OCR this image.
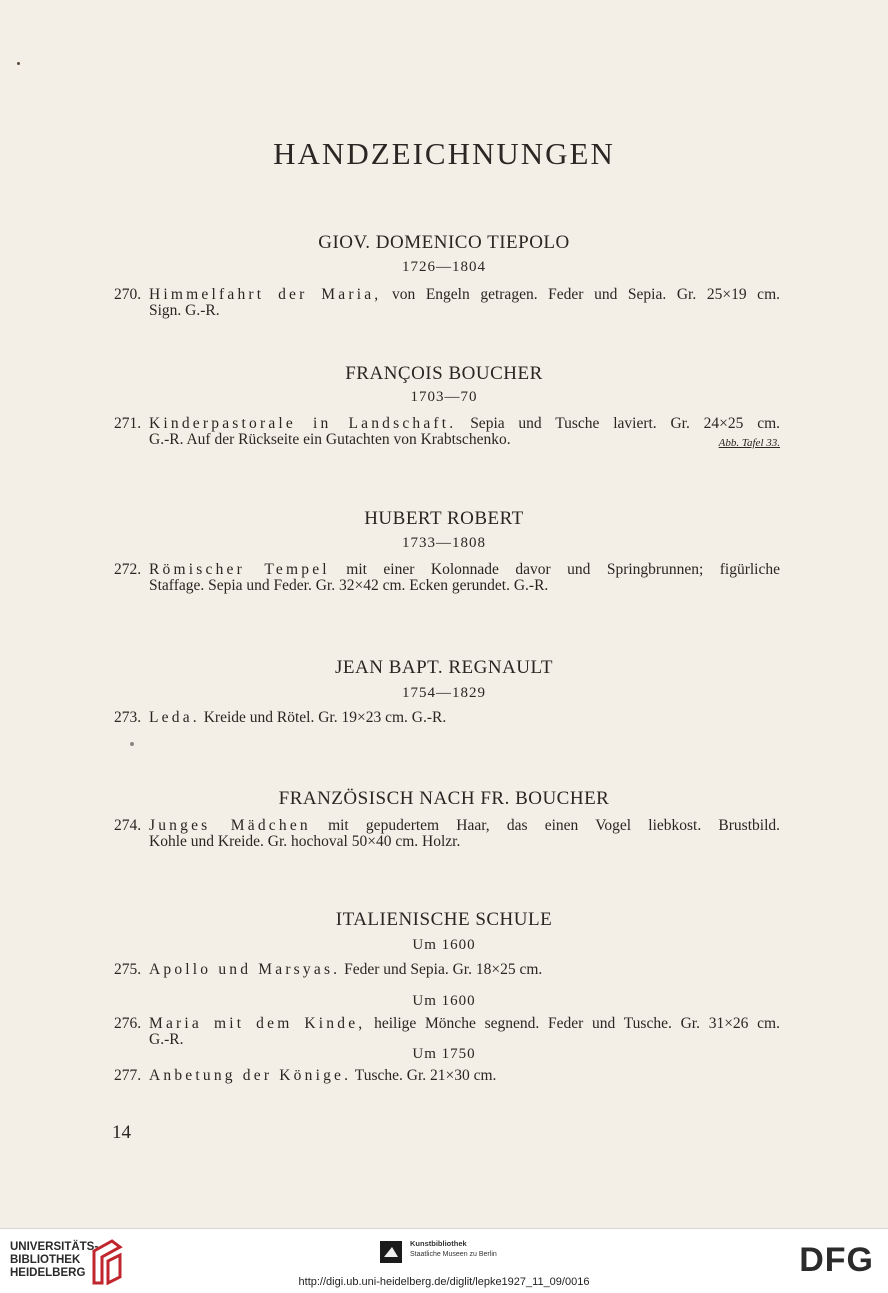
HANDZEICHNUNGEN
GIOV. DOMENICO TIEPOLO
1726—1804
270. Himmelfahrt der Maria, von Engeln getragen. Feder und Sepia. Gr. 25×19 cm.
Sign. G.-R.
FRANÇOIS BOUCHER
1703—70
271. Kinderpastorale in Landschaft. Sepia und Tusche laviert. Gr. 24×25 cm.
Abb. Tafel 33.
G.-R. Auf der Rückseite ein Gutachten von Krabtschenko.
HUBERT ROBERT
1733—1808
272. Römischer Tempel mit einer Kolonnade davor und Springbrunnen; figürliche
Staffage. Sepia und Feder. Gr. 32×42 cm. Ecken gerundet. G.-R.
JEAN BAPT. REGNAULT
1754—1829
273. Leda. Kreide und Rötel. Gr. 19×23 cm. G.-R.
FRANZÖSISCH NACH FR. BOUCHER
274. Junges Mädchen mit gepudertem Haar, das einen Vogel liebkost. Brustbild.
Kohle und Kreide. Gr. hochoval 50×40 cm. Holzr.
ITALIENISCHE SCHULE
Um 1600
275. Apollo und Marsyas. Feder und Sepia. Gr. 18×25 cm.
Um 1600
276. Maria mit dem Kinde, heilige Mönche segnend. Feder und Tusche. Gr. 31×26 cm.
G.-R.
Um 1750
277. Anbetung der Könige. Tusche. Gr. 21×30 cm.
14
UNIVERSITÄTS-
BIBLIOTHEK
HEIDELBERG
Kunstbibliothek
Staatliche Museen zu Berlin	DFG
http://digi.ub.uni-heidelberg.de/diglit/lepke1927_11_09/0016
